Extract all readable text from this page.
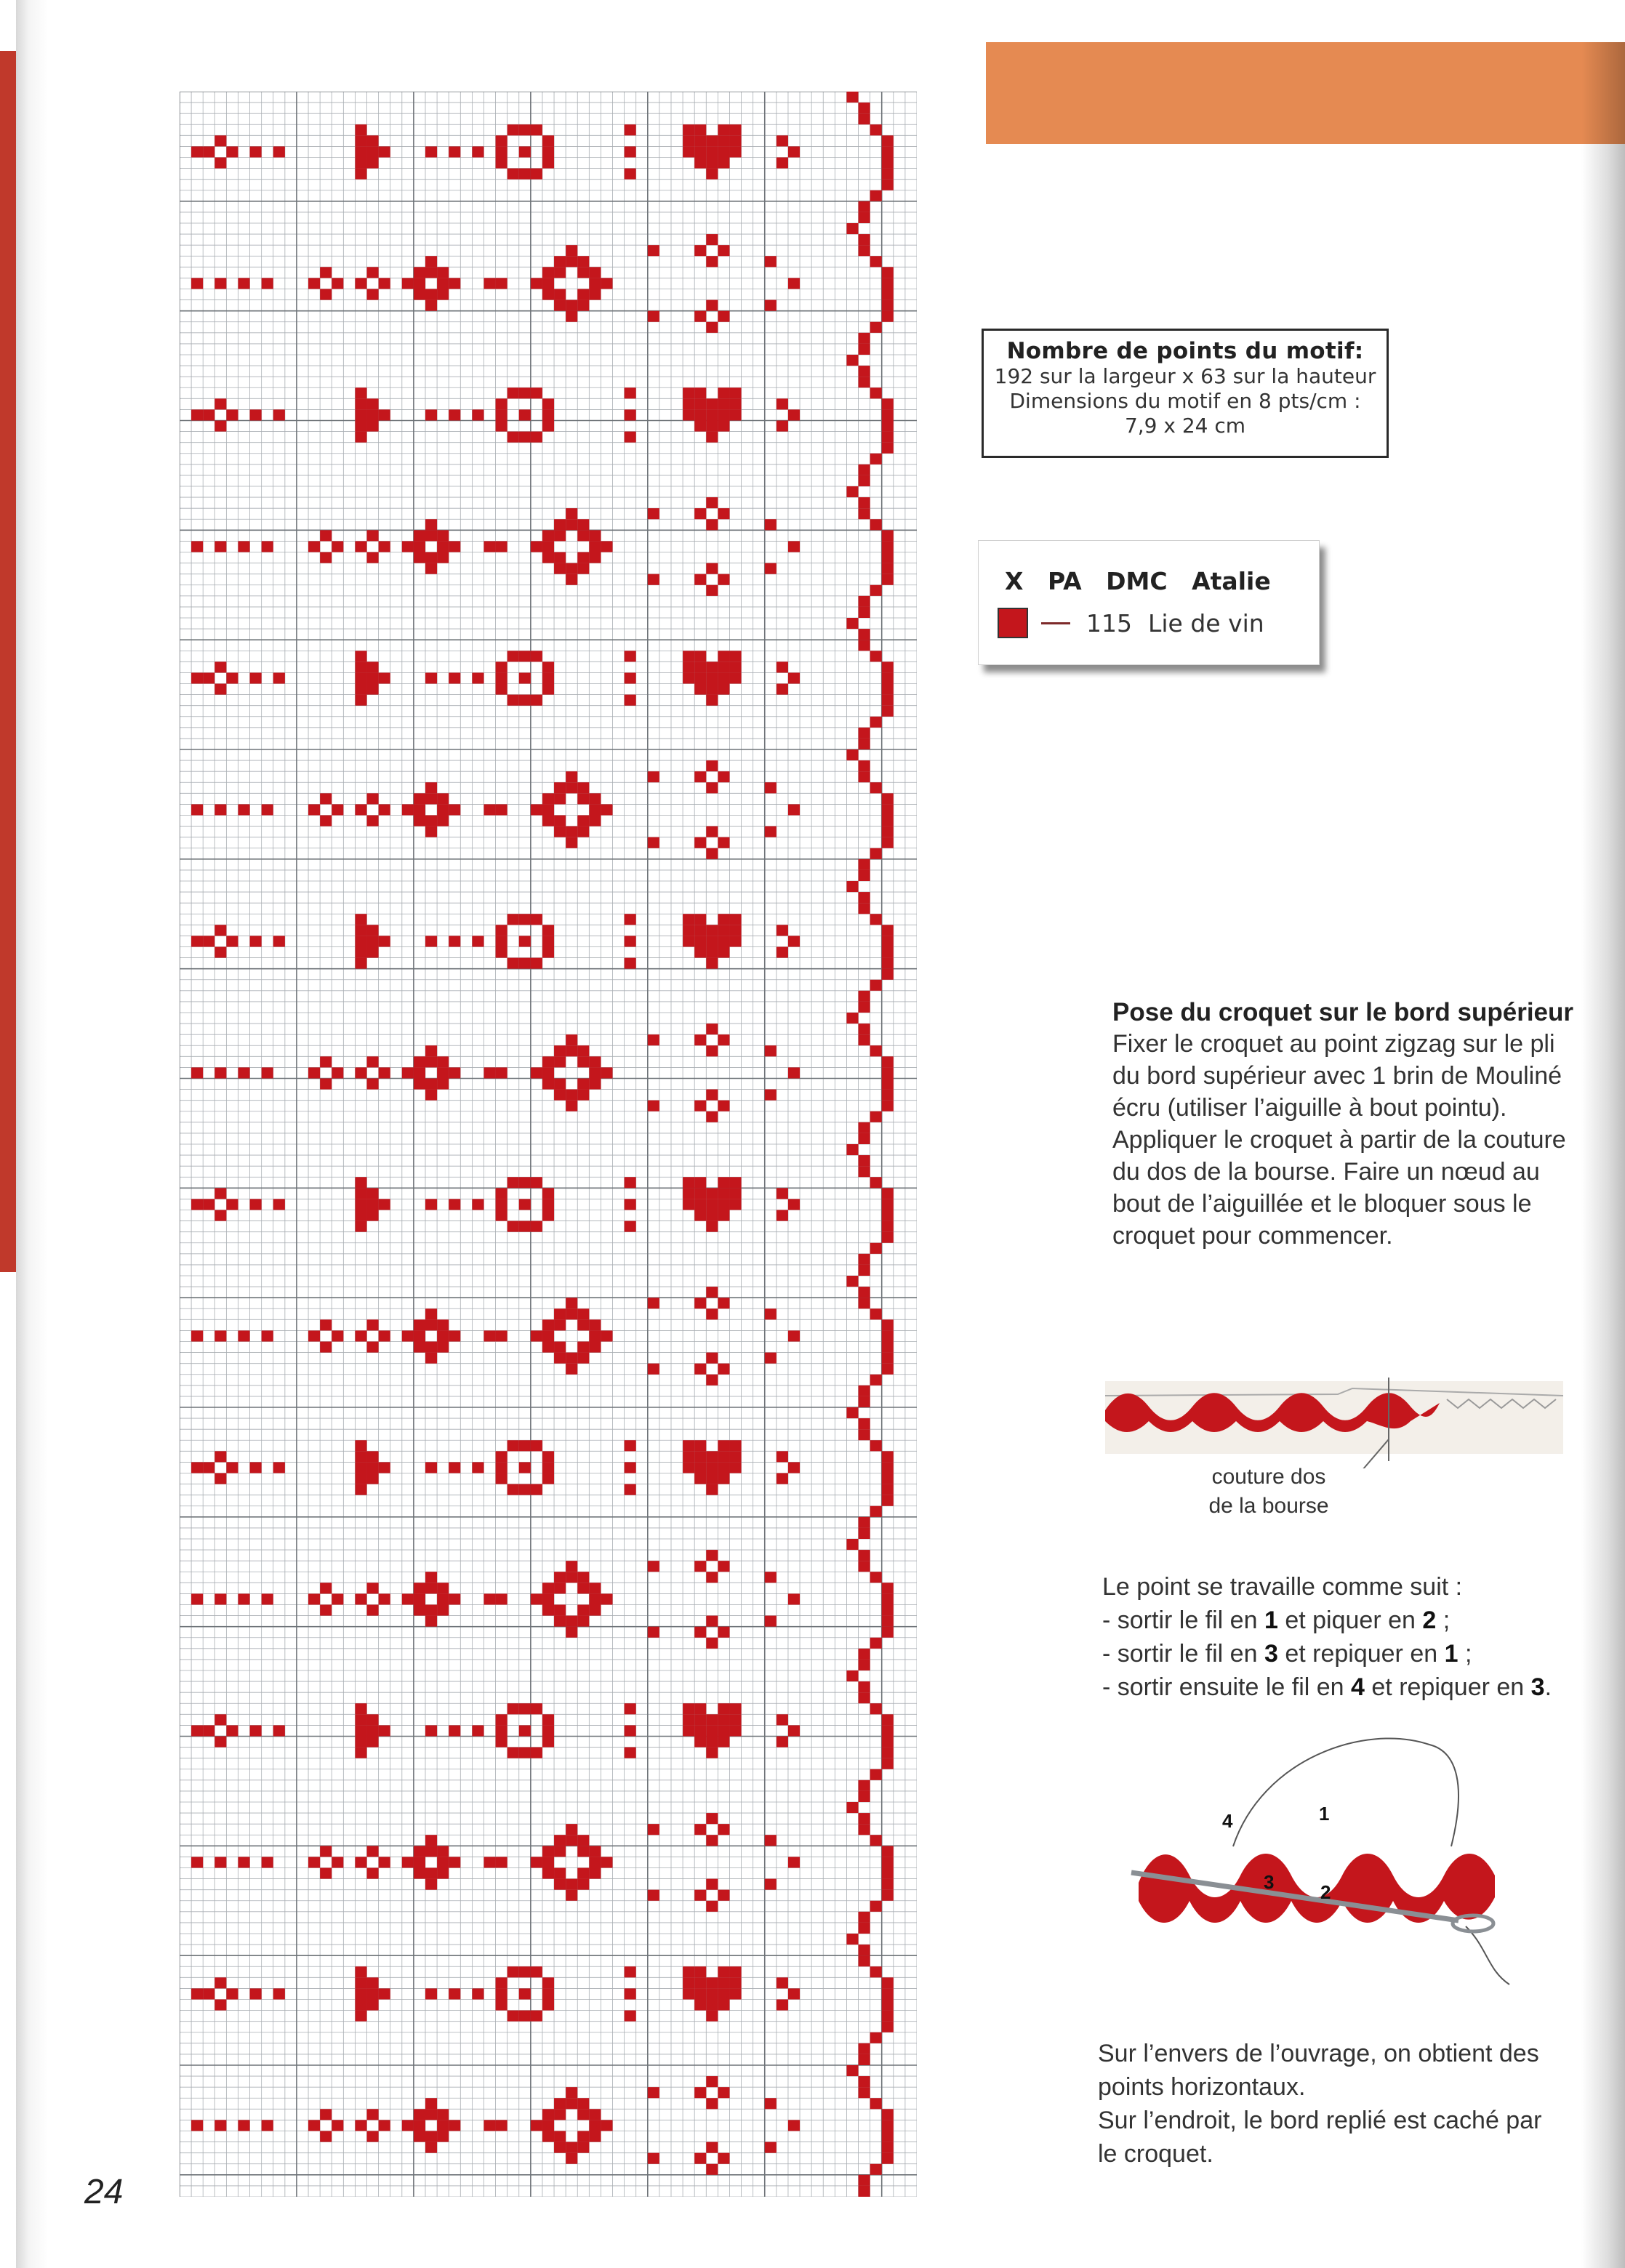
24
Nombre de points du motif:
192 sur la largeur x 63 sur la hauteur
Dimensions du motif en 8 pts/cm :
7,9 x 24 cm
X PA DMC Atalie
115 Lie de vin
Pose du croquet sur le bord supérieur

Fixer le croquet au point zigzag sur le pli du bord supérieur avec 1 brin de Mouliné écru (utiliser l’aiguille à bout pointu). Appliquer le croquet à partir de la couture du dos de la bourse. Faire un nœud au bout de l’aiguillée et le bloquer sous le croquet pour commencer.

couture dos
de la bourse
Le point se travaille comme suit :
- sortir le fil en 1 et piquer en 2 ;
- sortir le fil en 3 et repiquer en 1 ;
- sortir ensuite le fil en 4 et repiquer en 3.
4	1
3 2
Sur l’envers de l’ouvrage, on obtient des points horizontaux.
Sur l’endroit, le bord replié est caché par le croquet.
